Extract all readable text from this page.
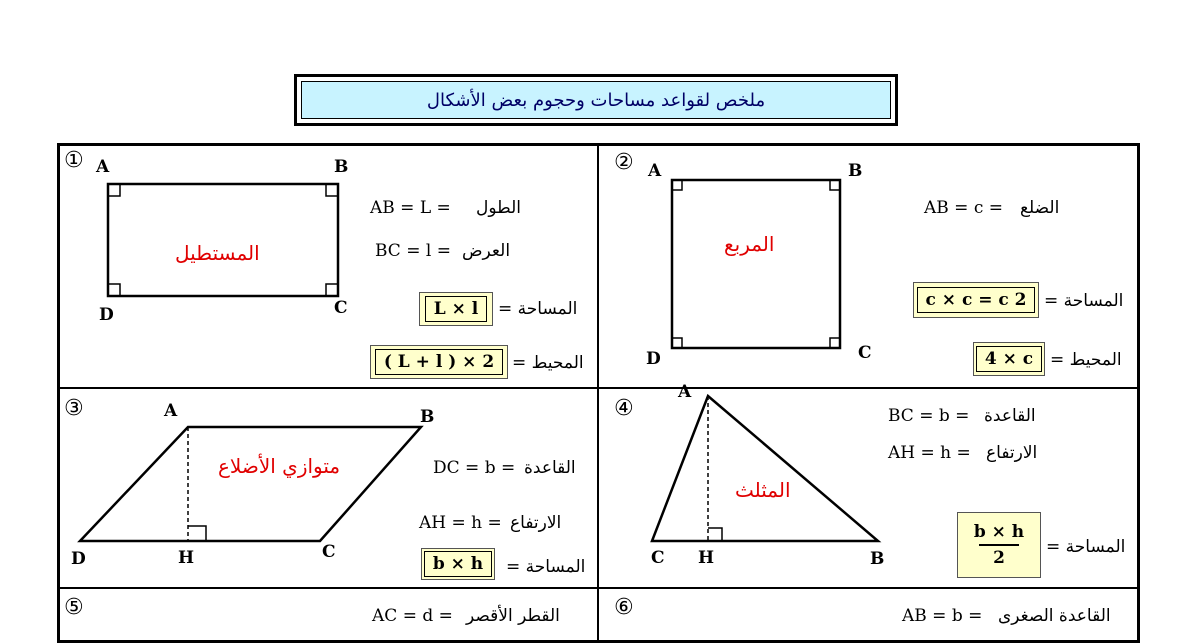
ملخص لقواعد مساحات وحجوم بعض الأشكال
① A	B
C
D
المستطيل
AB = L = الطول
BC = l = العرض
L × l	المساحة =
( L + l ) × 2	المحيط =
② A	B
C
D
المربع
AB = c = الضلع
c × c = c 2	المساحة =
4 × c المحيط =
③	A	B
C
D	H
متوازي الأضلاع	DC = b = القاعدة
AH = h = الارتفاع
b × h	المساحة =
④
A
B
C H
المثلث
BC = b = القاعدة
AH = h = الارتفاع
$\frac{b \times h}{2}$ المساحة =
⑤	AC = d = القطر الأقصر ⑥	AB = b = القاعدة الصغرى
